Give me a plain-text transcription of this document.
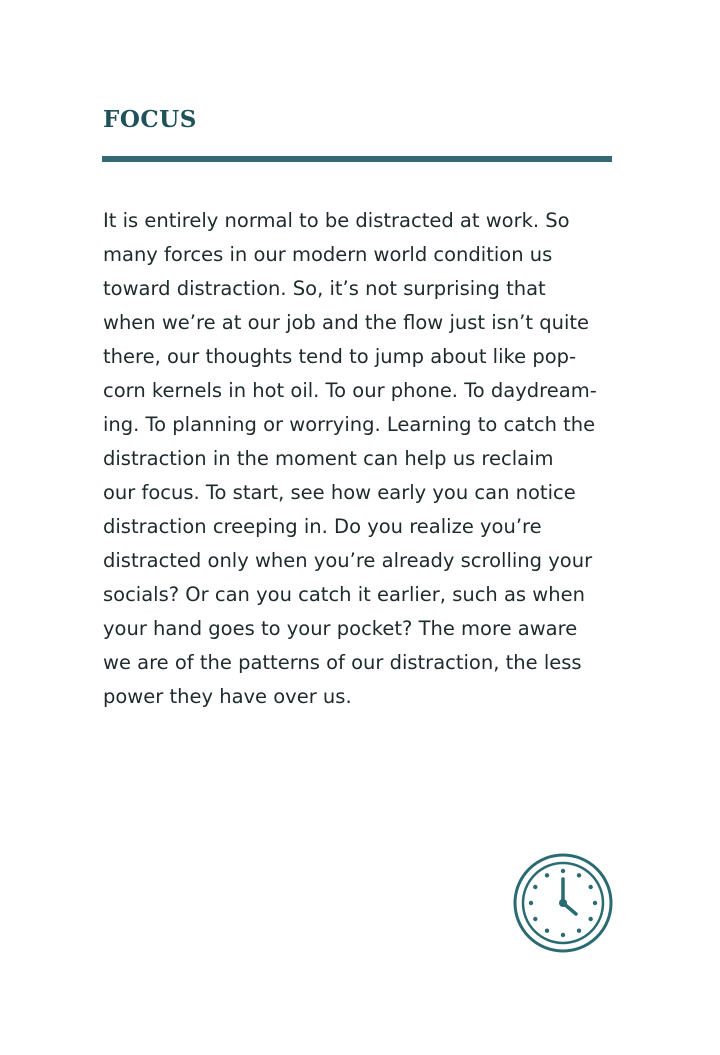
FOCUS

It is entirely normal to be distracted at work. So
many forces in our modern world condition us
toward distraction. So, it’s not surprising that
when we’re at our job and the flow just isn’t quite
there, our thoughts tend to jump about like pop-
corn kernels in hot oil. To our phone. To daydream-
ing. To planning or worrying. Learning to catch the
distraction in the moment can help us reclaim
our focus. To start, see how early you can notice
distraction creeping in. Do you realize you’re
distracted only when you’re already scrolling your
socials? Or can you catch it earlier, such as when
your hand goes to your pocket? The more aware
we are of the patterns of our distraction, the less
power they have over us.
